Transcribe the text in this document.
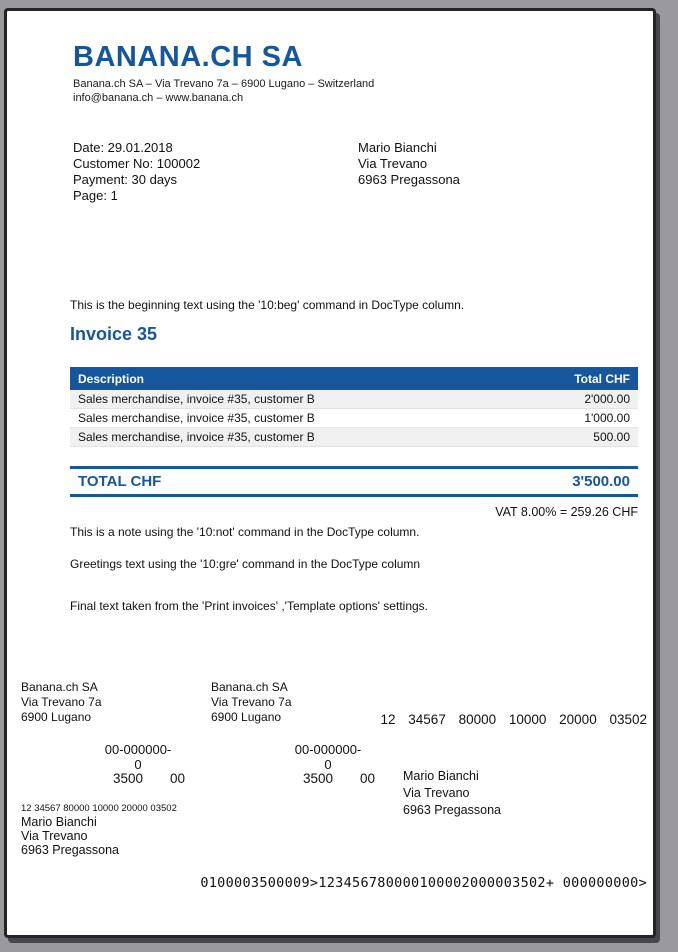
BANANA.CH SA
Banana.ch SA – Via Trevano 7a – 6900 Lugano – Switzerland
info@banana.ch – www.banana.ch
Date: 29.01.2018
Customer No: 100002
Payment: 30 days
Page: 1
Mario Bianchi
Via Trevano
6963 Pregassona
This is the beginning text using the '10:beg' command in DocType column.
Invoice 35
Description	Total CHF
Sales merchandise, invoice #35, customer B	2'000.00
Sales merchandise, invoice #35, customer B	1'000.00
Sales merchandise, invoice #35, customer B	500.00
TOTAL CHF	3'500.00
VAT 8.00% = 259.26 CHF
This is a note using the '10:not' command in the DocType column.
Greetings text using the '10:gre' command in the DocType column
Final text taken from the 'Print invoices' ,'Template options' settings.
Banana.ch SA
Via Trevano 7a
6900 Lugano
Banana.ch SA
Via Trevano 7a
6900 Lugano	12 34567 80000 10000 20000 03502
00-000000-0
00-000000-0
3500	00	3500	00 Mario Bianchi
Via Trevano
6963 Pregassona
12 34567 80000 10000 20000 03502
Mario Bianchi
Via Trevano
6963 Pregassona
0100003500009>123456780000100002000003502+ 000000000>
